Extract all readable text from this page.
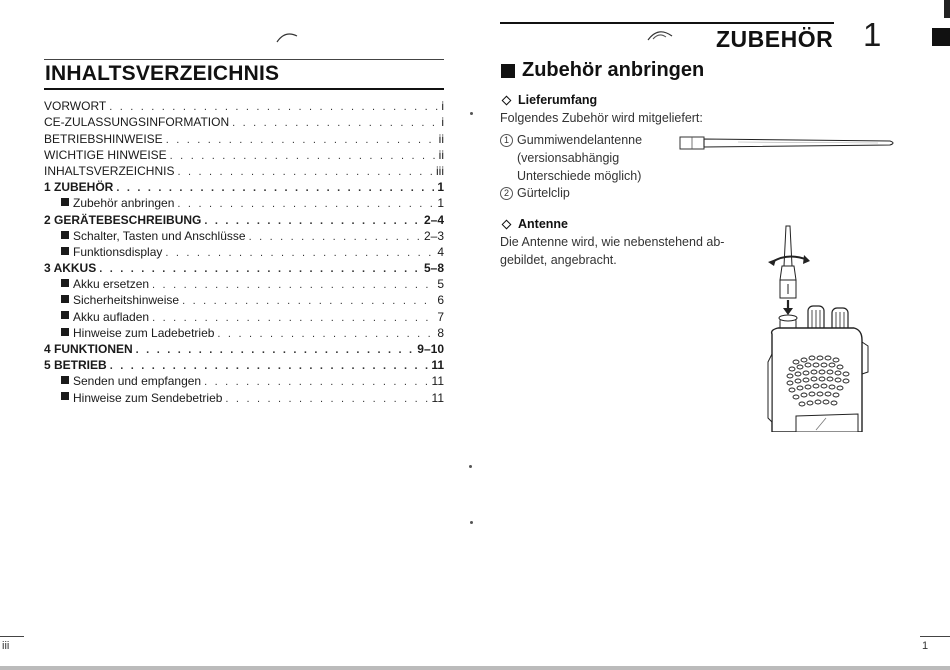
INHALTSVERZEICHNIS
VORWORT . . .	i
CE-ZULASSUNGSINFORMATION . . .	i
BETRIEBSHINWEISE . . .	ii
WICHTIGE HINWEISE . . .	ii
INHALTSVERZEICHNIS . . .	iii
1 ZUBEHÖR . . .	1
Zubehör anbringen . . .	1
2 GERÄTEBESCHREIBUNG . . .	2–4
Schalter, Tasten und Anschlüsse . . .	2–3
Funktionsdisplay . . .	4
3 AKKUS . . .	5–8
Akku ersetzen . . .	5
Sicherheitshinweise . . .	6
Akku aufladen . . .	7
Hinweise zum Ladebetrieb . . .	8
4 FUNKTIONEN . . .	9–10
5 BETRIEB . . .	11
Senden und empfangen . . .	11
Hinweise zum Sendebetrieb . . .	11
iii
ZUBEHÖR 1
Zubehör anbringen
Lieferumfang
Folgendes Zubehör wird mitgeliefert:
1 Gummiwendelantenne
(versionsabhängig
Unterschiede möglich)
2 Gürtelclip
Antenne
Die Antenne wird, wie nebenstehend ab-
gebildet, angebracht.
1
